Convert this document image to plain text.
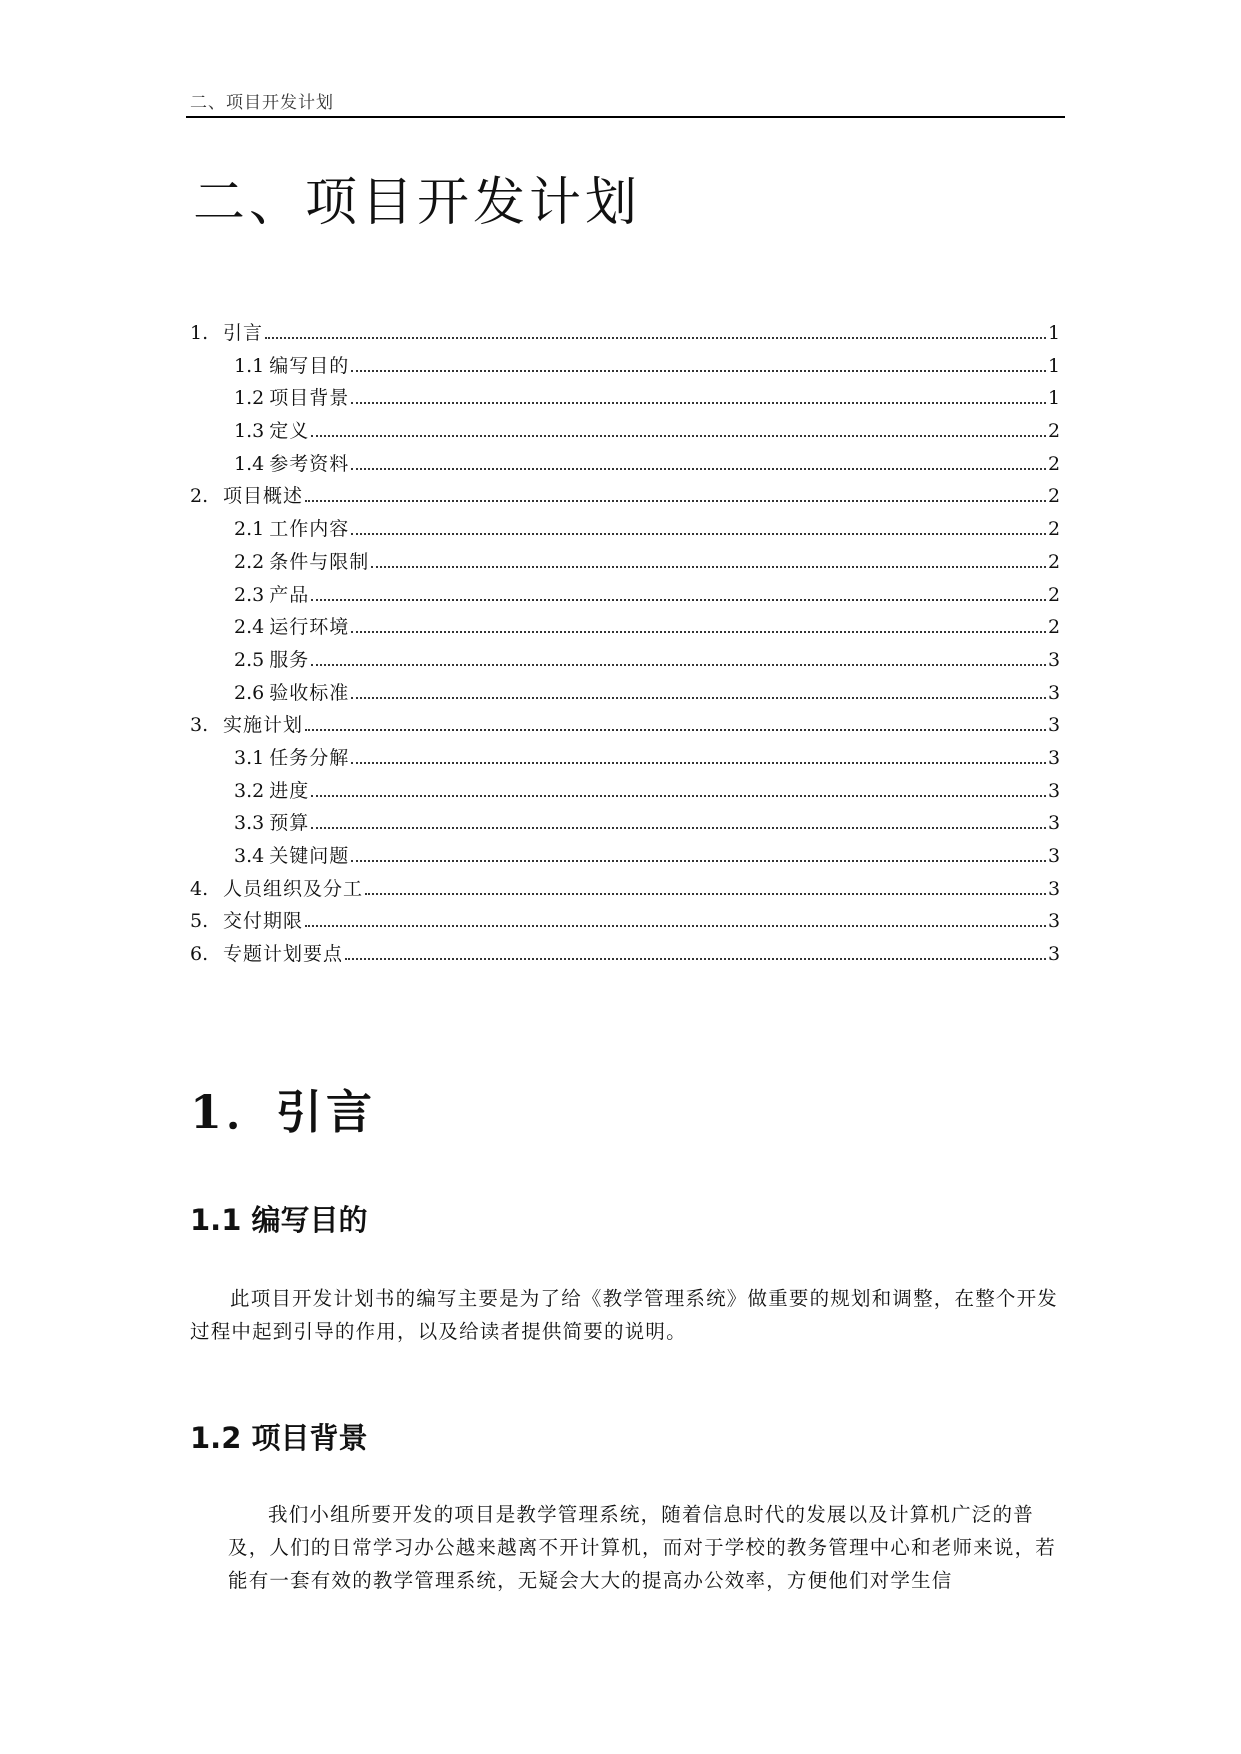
二、项目开发计划
二、项目开发计划
1. 引言	1
1.1 编写目的	1
1.2 项目背景	1
1.3 定义	2
1.4 参考资料	2
2. 项目概述	2
2.1 工作内容	2
2.2 条件与限制	2
2.3 产品	2
2.4 运行环境	2
2.5 服务	3
2.6 验收标准	3
3. 实施计划	3
3.1 任务分解	3
3.2 进度	3
3.3 预算	3
3.4 关键问题	3
4. 人员组织及分工	3
5. 交付期限	3
6. 专题计划要点	3
1．引言
1.1 编写目的

此项目开发计划书的编写主要是为了给《教学管理系统》做重要的规划和调整，在整个开发过程中起到引导的作用，以及给读者提供简要的说明。

1.2 项目背景

我们小组所要开发的项目是教学管理系统，随着信息时代的发展以及计算机广泛的普及，人们的日常学习办公越来越离不开计算机，而对于学校的教务管理中心和老师来说，若能有一套有效的教学管理系统，无疑会大大的提高办公效率，方便他们对学生信
